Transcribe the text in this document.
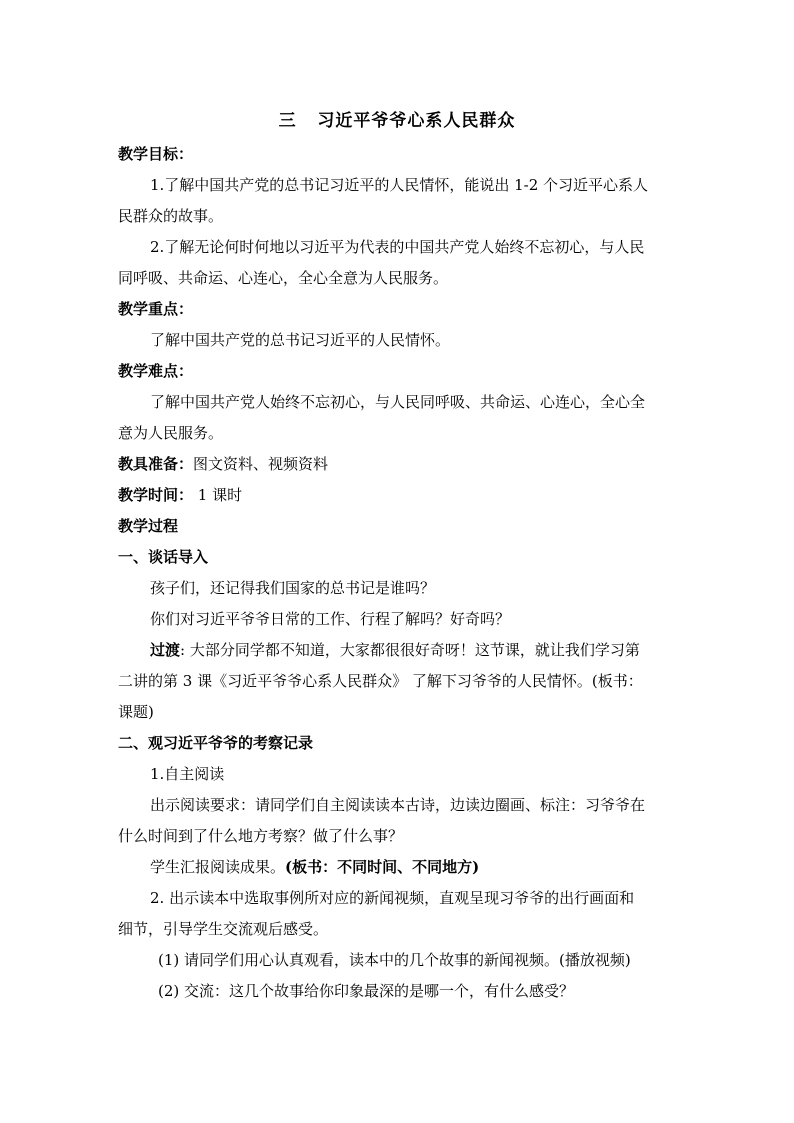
三   习近平爷爷心系人民群众
教学目标：
1.了解中国共产党的总书记习近平的人民情怀，能说出 1-2 个习近平心系人
民群众的故事。
2.了解无论何时何地以习近平为代表的中国共产党人始终不忘初心，与人民
同呼吸、共命运、心连心，全心全意为人民服务。
教学重点：
了解中国共产党的总书记习近平的人民情怀。
教学难点：
了解中国共产党人始终不忘初心，与人民同呼吸、共命运、心连心，全心全
意为人民服务。
教具准备：图文资料、视频资料
教学时间： 1 课时
教学过程
一、谈话导入
孩子们，还记得我们国家的总书记是谁吗？
你们对习近平爷爷日常的工作、行程了解吗？好奇吗？
过渡: 大部分同学都不知道，大家都很很好奇呀！这节课，就让我们学习第
二讲的第 3 课《习近平爷爷心系人民群众》 了解下习爷爷的人民情怀。(板书：
课题)
二、观习近平爷爷的考察记录
1.自主阅读
出示阅读要求：请同学们自主阅读读本古诗，边读边圈画、标注：习爷爷在
什么时间到了什么地方考察？做了什么事？
学生汇报阅读成果。(板书：不同时间、不同地方)
2. 出示读本中选取事例所对应的新闻视频，直观呈现习爷爷的出行画面和
细节，引导学生交流观后感受。
(1) 请同学们用心认真观看，读本中的几个故事的新闻视频。(播放视频)
(2) 交流：这几个故事给你印象最深的是哪一个，有什么感受？
